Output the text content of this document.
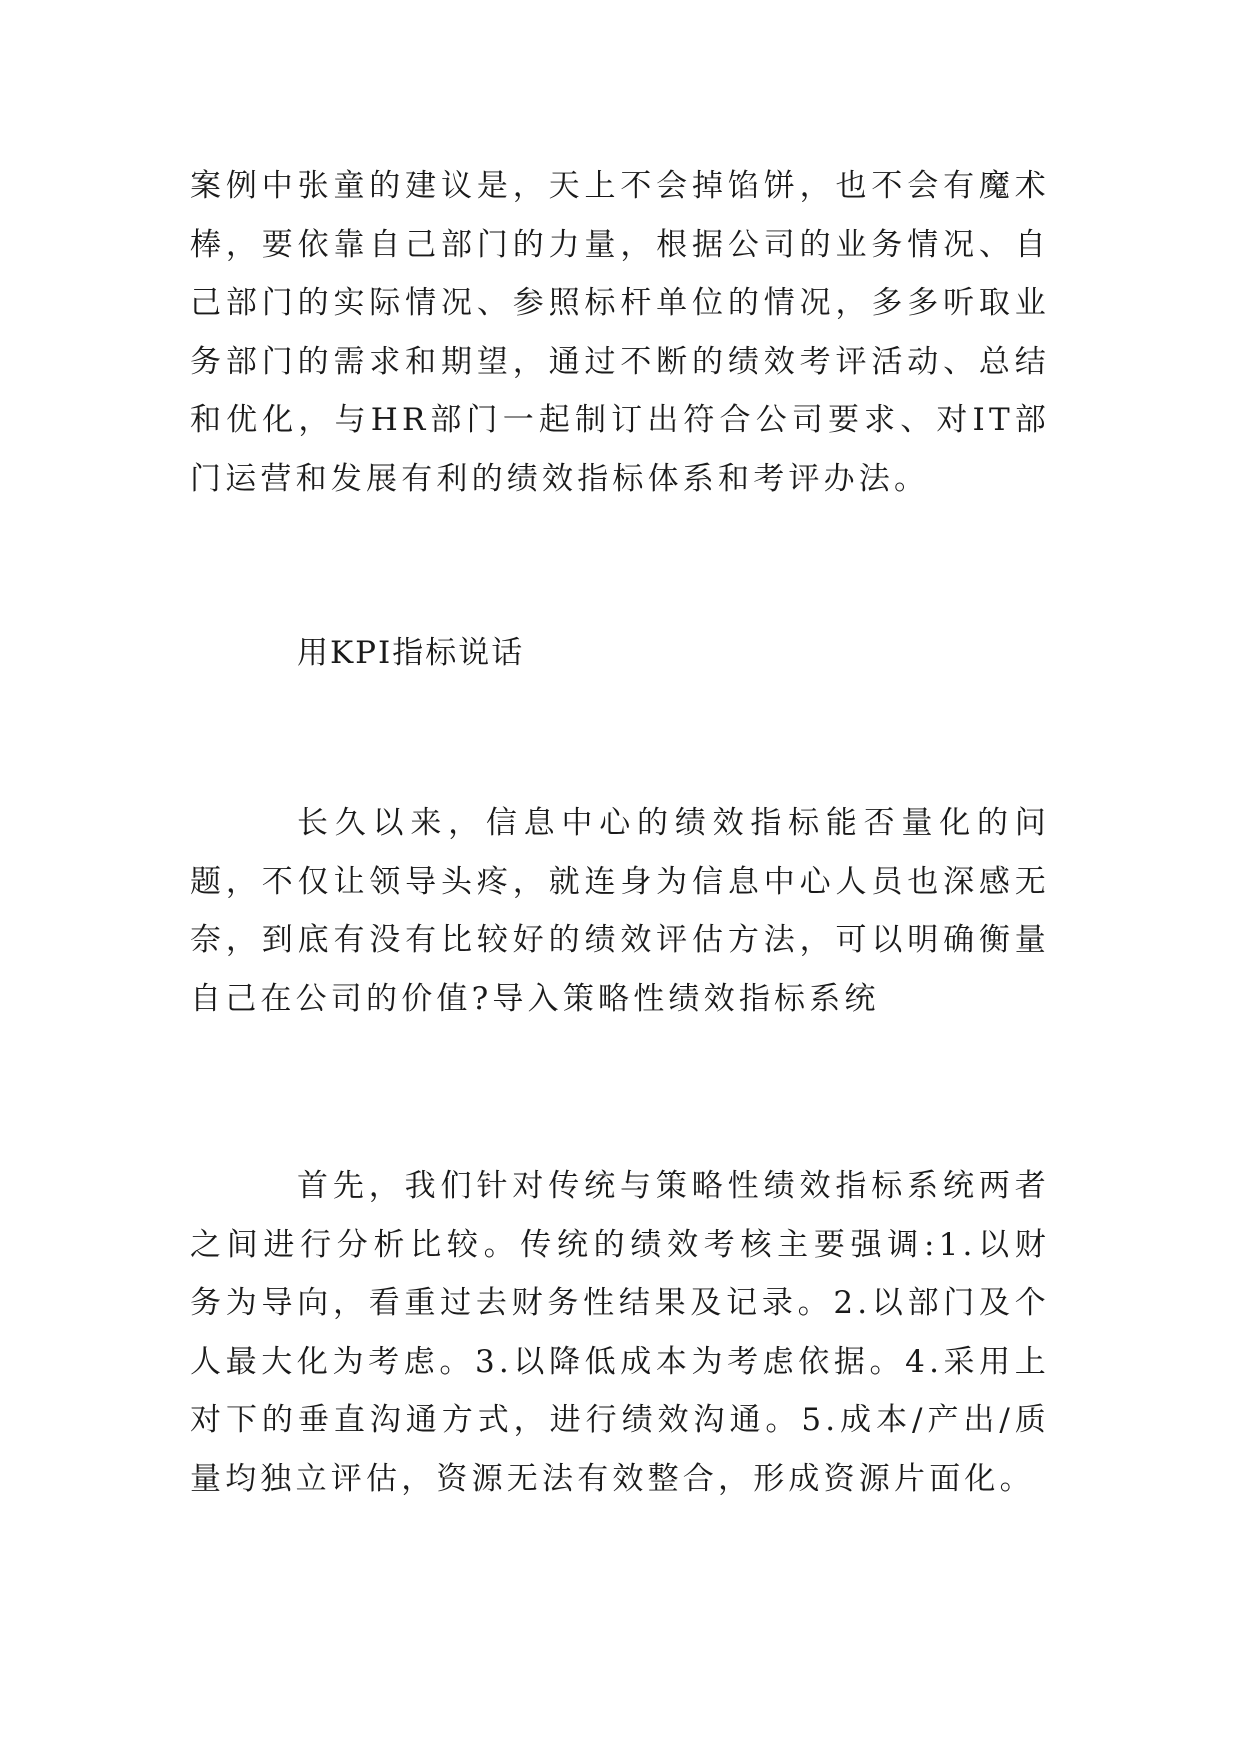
案例中张童的建议是，天上不会掉馅饼，也不会有魔术棒，要依靠自己部门的力量，根据公司的业务情况、自己部门的实际情况、参照标杆单位的情况，多多听取业务部门的需求和期望，通过不断的绩效考评活动、总结和优化，与HR部门一起制订出符合公司要求、对IT部门运营和发展有利的绩效指标体系和考评办法。

用KPI指标说话

长久以来，信息中心的绩效指标能否量化的问题，不仅让领导头疼，就连身为信息中心人员也深感无奈，到底有没有比较好的绩效评估方法，可以明确衡量自己在公司的价值?导入策略性绩效指标系统

首先，我们针对传统与策略性绩效指标系统两者之间进行分析比较。传统的绩效考核主要强调:1.以财务为导向，看重过去财务性结果及记录。2.以部门及个人最大化为考虑。3.以降低成本为考虑依据。4.采用上对下的垂直沟通方式，进行绩效沟通。5.成本/产出/质量均独立评估，资源无法有效整合，形成资源片面化。
